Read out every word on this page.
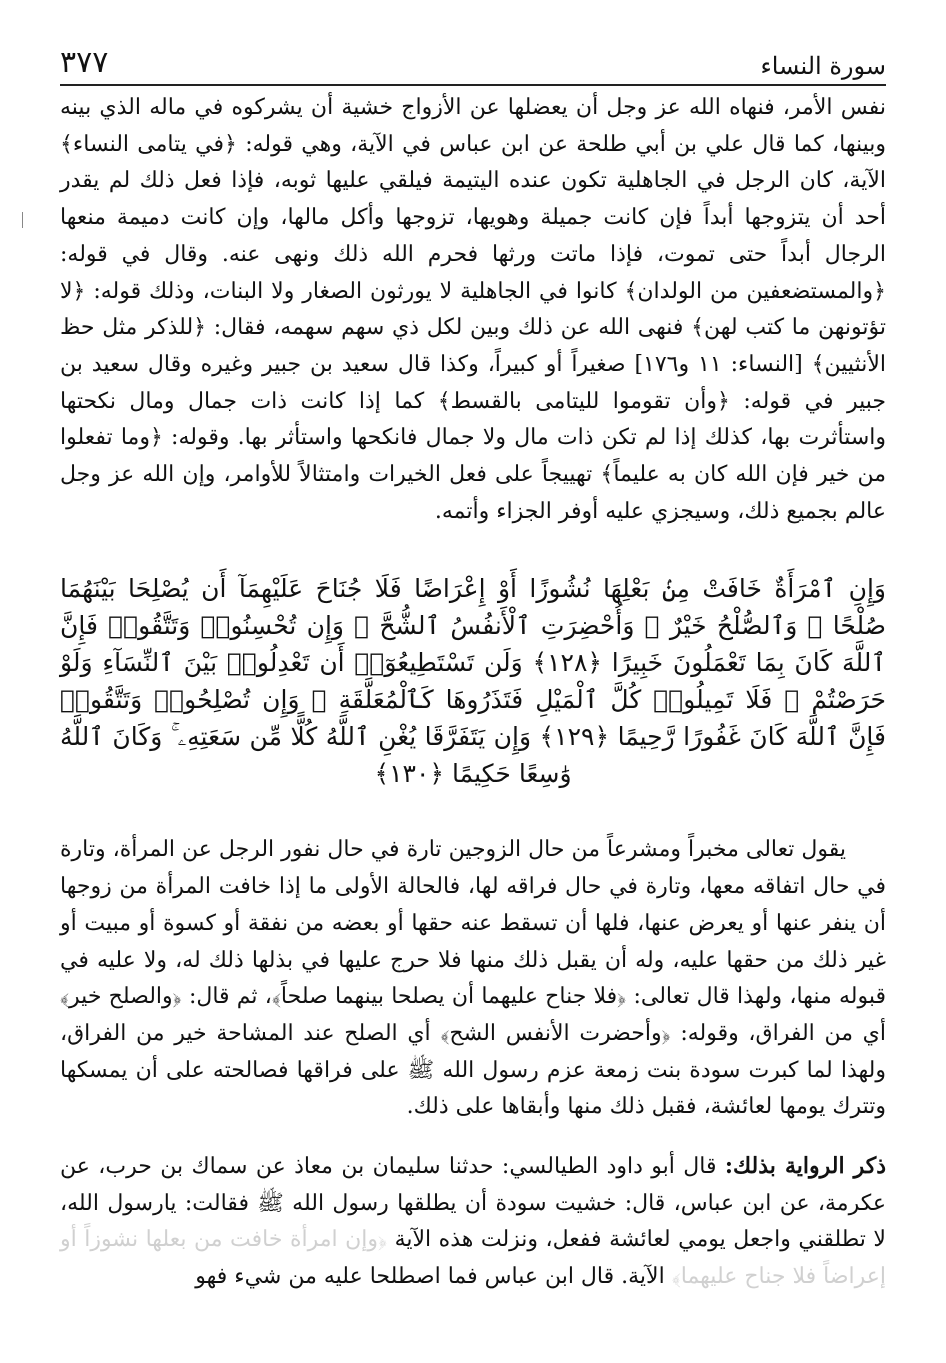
سورة النساء
٣٧٧

نفس الأمر، فنهاه الله عز وجل أن يعضلها عن الأزواج خشية أن يشركوه في ماله الذي بينه وبينها، كما قال علي بن أبي طلحة عن ابن عباس في الآية، وهي قوله: ﴿في يتامى النساء﴾ الآية، كان الرجل في الجاهلية تكون عنده اليتيمة فيلقي عليها ثوبه، فإذا فعل ذلك لم يقدر أحد أن يتزوجها أبداً فإن كانت جميلة وهويها، تزوجها وأكل مالها، وإن كانت دميمة منعها الرجال أبداً حتى تموت، فإذا ماتت ورثها فحرم الله ذلك ونهى عنه. وقال في قوله: ﴿والمستضعفين من الولدان﴾ كانوا في الجاهلية لا يورثون الصغار ولا البنات، وذلك قوله: ﴿لا تؤتونهن ما كتب لهن﴾ فنهى الله عن ذلك وبين لكل ذي سهم سهمه، فقال: ﴿للذكر مثل حظ الأنثيين﴾ [النساء: ١١ و١٧٦] صغيراً أو كبيراً، وكذا قال سعيد بن جبير وغيره وقال سعيد بن جبير في قوله: ﴿وأن تقوموا لليتامى بالقسط﴾ كما إذا كانت ذات جمال ومال نكحتها واستأثرت بها، كذلك إذا لم تكن ذات مال ولا جمال فانكحها واستأثر بها. وقوله: ﴿وما تفعلوا من خير فإن الله كان به عليماً﴾ تهييجاً على فعل الخيرات وامتثالاً للأوامر، وإن الله عز وجل عالم بجميع ذلك، وسيجزي عليه أوفر الجزاء وأتمه.

وَإِنِ ٱمْرَأَةٌ خَافَتْ مِنۢ بَعْلِهَا نُشُوزًا أَوْ إِعْرَاضًا فَلَا جُنَاحَ عَلَيْهِمَآ أَن يُصْلِحَا بَيْنَهُمَا صُلْحًا ۚ وَٱلصُّلْحُ خَيْرٌ ۗ وَأُحْضِرَتِ ٱلْأَنفُسُ ٱلشُّحَّ ۚ وَإِن تُحْسِنُوا۟ وَتَتَّقُوا۟ فَإِنَّ ٱللَّهَ كَانَ بِمَا تَعْمَلُونَ خَبِيرًا ﴿١٢٨﴾ وَلَن تَسْتَطِيعُوٓا۟ أَن تَعْدِلُوا۟ بَيْنَ ٱلنِّسَآءِ وَلَوْ حَرَصْتُمْ ۖ فَلَا تَمِيلُوا۟ كُلَّ ٱلْمَيْلِ فَتَذَرُوهَا كَٱلْمُعَلَّقَةِ ۚ وَإِن تُصْلِحُوا۟ وَتَتَّقُوا۟ فَإِنَّ ٱللَّهَ كَانَ غَفُورًا رَّحِيمًا ﴿١٢٩﴾ وَإِن يَتَفَرَّقَا يُغْنِ ٱللَّهُ كُلًّا مِّن سَعَتِهِۦ ۚ وَكَانَ ٱللَّهُ وَٰسِعًا حَكِيمًا ﴿١٣٠﴾

يقول تعالى مخبراً ومشرعاً من حال الزوجين تارة في حال نفور الرجل عن المرأة، وتارة في حال اتفاقه معها، وتارة في حال فراقه لها، فالحالة الأولى ما إذا خافت المرأة من زوجها أن ينفر عنها أو يعرض عنها، فلها أن تسقط عنه حقها أو بعضه من نفقة أو كسوة أو مبيت أو غير ذلك من حقها عليه، وله أن يقبل ذلك منها فلا حرج عليها في بذلها ذلك له، ولا عليه في قبوله منها، ولهذا قال تعالى: ﴿فلا جناح عليهما أن يصلحا بينهما صلحاً﴾، ثم قال: ﴿والصلح خير﴾ أي من الفراق، وقوله: ﴿وأحضرت الأنفس الشح﴾ أي الصلح عند المشاحة خير من الفراق، ولهذا لما كبرت سودة بنت زمعة عزم رسول الله ﷺ على فراقها فصالحته على أن يمسكها وتترك يومها لعائشة، فقبل ذلك منها وأبقاها على ذلك.

ذكر الرواية بذلك: قال أبو داود الطيالسي: حدثنا سليمان بن معاذ عن سماك بن حرب، عن عكرمة، عن ابن عباس، قال: خشيت سودة أن يطلقها رسول الله ﷺ فقالت: يارسول الله، لا تطلقني واجعل يومي لعائشة ففعل، ونزلت هذه الآية ﴿وإن امرأة خافت من بعلها نشوزاً أو إعراضاً فلا جناح عليهما﴾ الآية. قال ابن عباس فما اصطلحا عليه من شيء فهو
